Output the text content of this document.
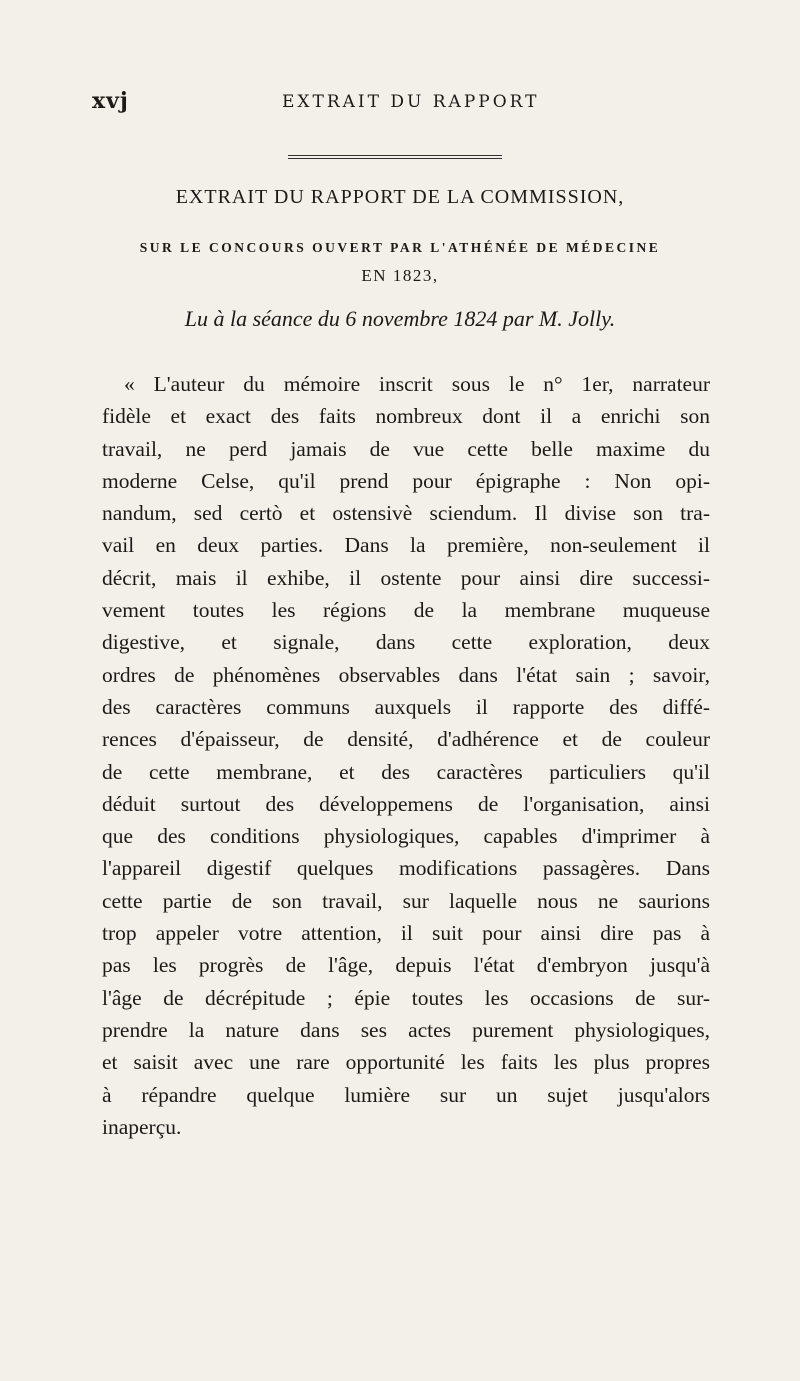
xvj	EXTRAIT DU RAPPORT
EXTRAIT DU RAPPORT DE LA COMMISSION,
SUR LE CONCOURS OUVERT PAR L'ATHÉNÉE DE MÉDECINE
EN 1823,
Lu à la séance du 6 novembre 1824 par M. Jolly.
« L'auteur du mémoire inscrit sous le n° 1er, narrateur
fidèle et exact des faits nombreux dont il a enrichi son
travail, ne perd jamais de vue cette belle maxime du
moderne Celse, qu'il prend pour épigraphe : Non opi-
nandum, sed certò et ostensivè sciendum. Il divise son tra-
vail en deux parties. Dans la première, non-seulement il
décrit, mais il exhibe, il ostente pour ainsi dire successi-
vement toutes les régions de la membrane muqueuse
digestive, et signale, dans cette exploration, deux
ordres de phénomènes observables dans l'état sain ; savoir,
des caractères communs auxquels il rapporte des diffé-
rences d'épaisseur, de densité, d'adhérence et de couleur
de cette membrane, et des caractères particuliers qu'il
déduit surtout des développemens de l'organisation, ainsi
que des conditions physiologiques, capables d'imprimer à
l'appareil digestif quelques modifications passagères. Dans
cette partie de son travail, sur laquelle nous ne saurions
trop appeler votre attention, il suit pour ainsi dire pas à
pas les progrès de l'âge, depuis l'état d'embryon jusqu'à
l'âge de décrépitude ; épie toutes les occasions de sur-
prendre la nature dans ses actes purement physiologiques,
et saisit avec une rare opportunité les faits les plus propres
à répandre quelque lumière sur un sujet jusqu'alors
inaperçu.
